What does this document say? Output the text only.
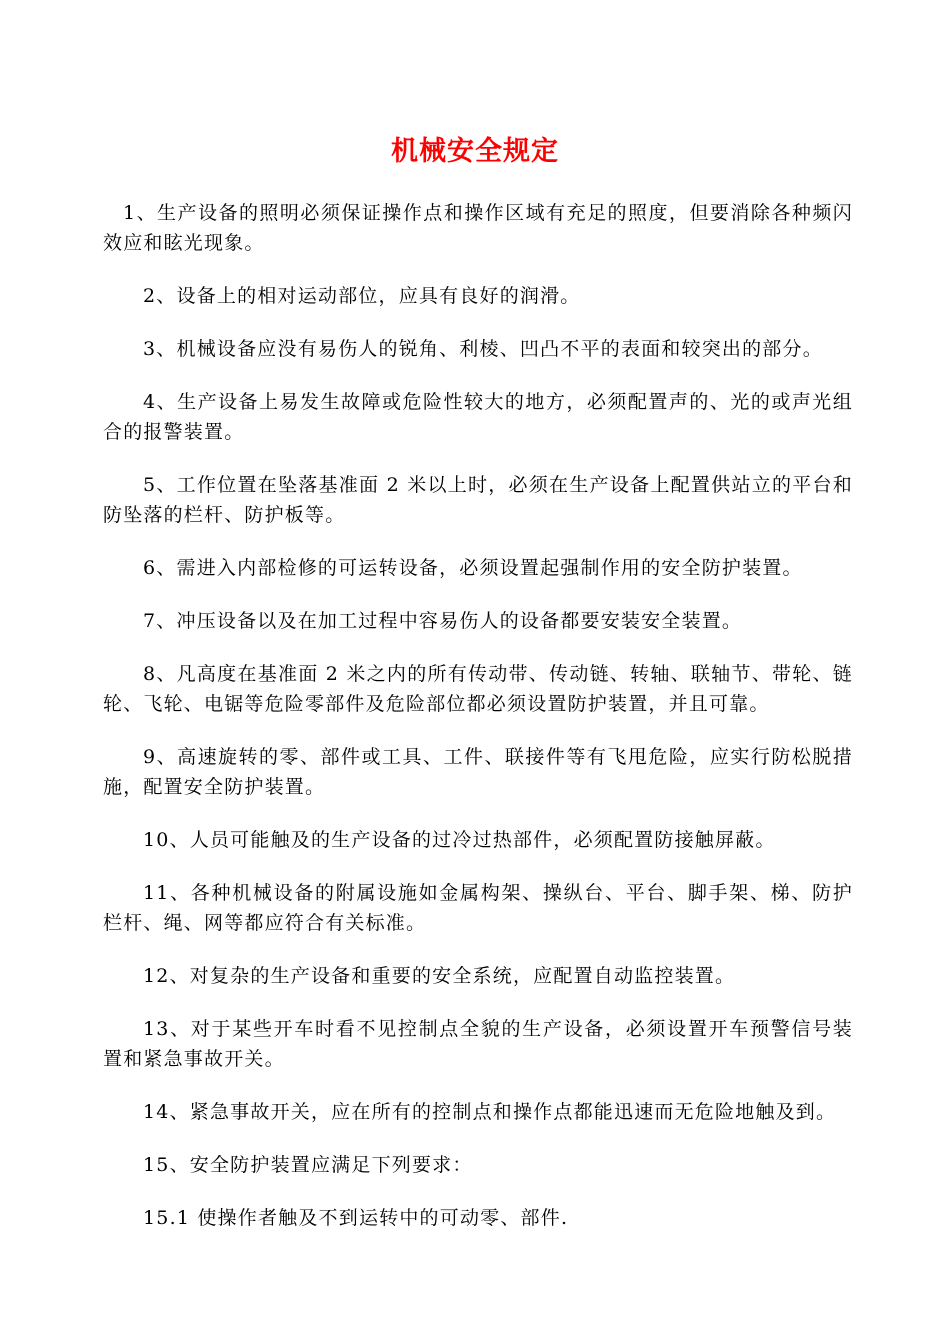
机械安全规定

1、生产设备的照明必须保证操作点和操作区域有充足的照度，但要消除各种频闪效应和眩光现象。

2、设备上的相对运动部位，应具有良好的润滑。

3、机械设备应没有易伤人的锐角、利棱、凹凸不平的表面和较突出的部分。

4、生产设备上易发生故障或危险性较大的地方，必须配置声的、光的或声光组合的报警装置。

5、工作位置在坠落基准面 2 米以上时，必须在生产设备上配置供站立的平台和防坠落的栏杆、防护板等。

6、需进入内部检修的可运转设备，必须设置起强制作用的安全防护装置。

7、冲压设备以及在加工过程中容易伤人的设备都要安装安全装置。

8、凡高度在基准面 2 米之内的所有传动带、传动链、转轴、联轴节、带轮、链轮、飞轮、电锯等危险零部件及危险部位都必须设置防护装置，并且可靠。

9、高速旋转的零、部件或工具、工件、联接件等有飞甩危险，应实行防松脱措施，配置安全防护装置。

10、人员可能触及的生产设备的过冷过热部件，必须配置防接触屏蔽。

11、各种机械设备的附属设施如金属构架、操纵台、平台、脚手架、梯、防护栏杆、绳、网等都应符合有关标准。

12、对复杂的生产设备和重要的安全系统，应配置自动监控装置。

13、对于某些开车时看不见控制点全貌的生产设备，必须设置开车预警信号装置和紧急事故开关。

14、紧急事故开关，应在所有的控制点和操作点都能迅速而无危险地触及到。

15、安全防护装置应满足下列要求：

15.1 使操作者触及不到运转中的可动零、部件.
